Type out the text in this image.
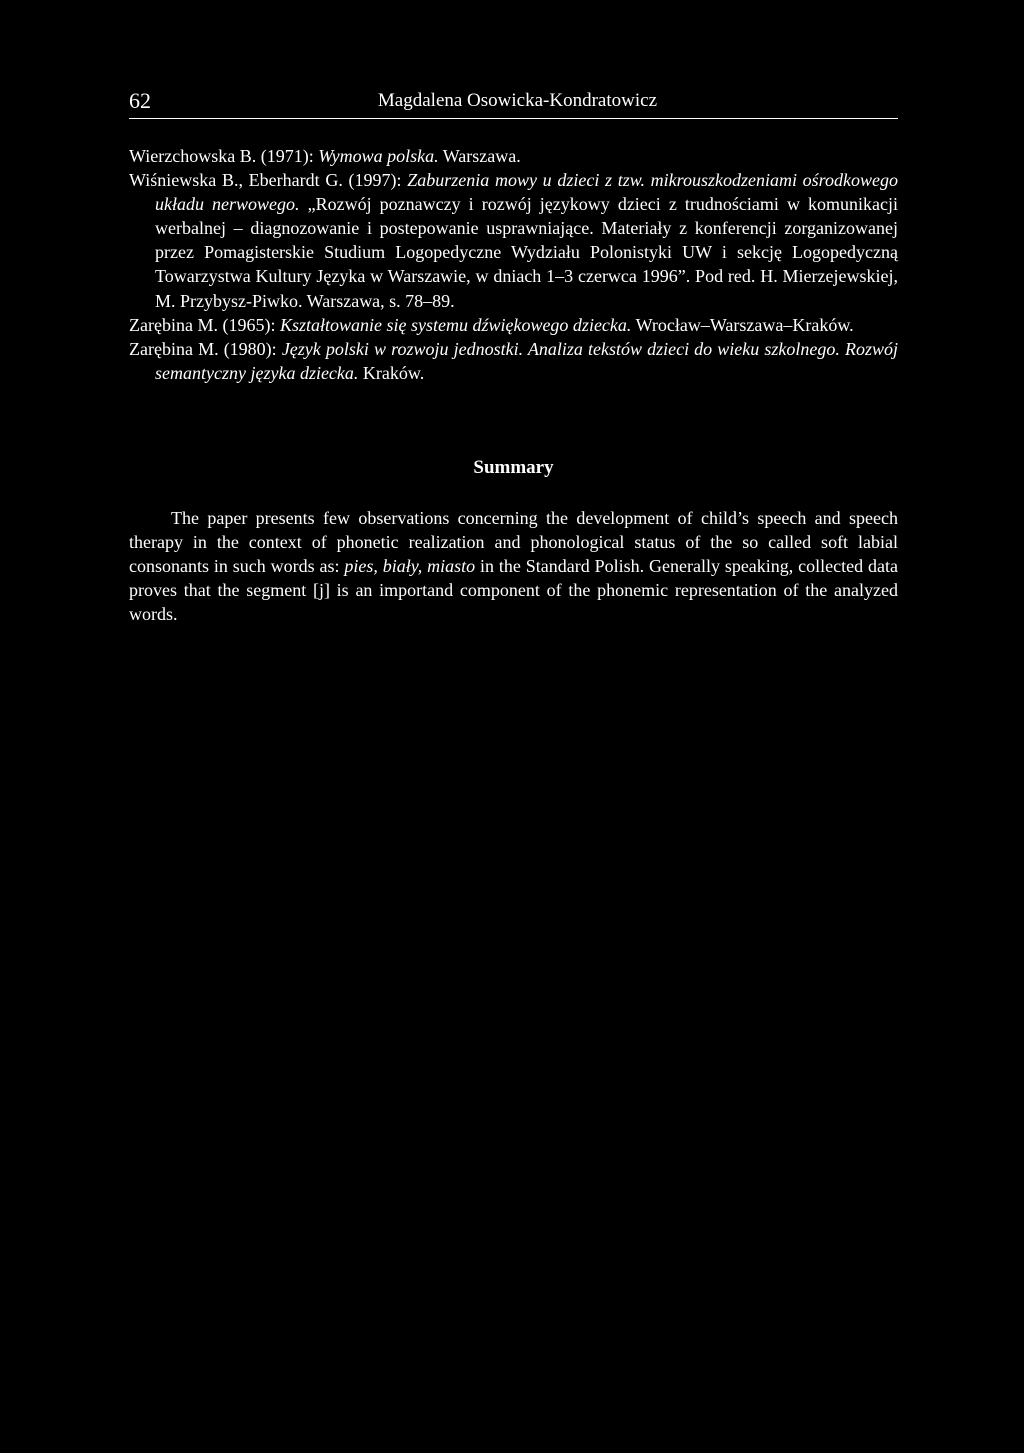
62	Magdalena Osowicka-Kondratowicz

Wierzchowska B. (1971): Wymowa polska. Warszawa.

Wiśniewska B., Eberhardt G. (1997): Zaburzenia mowy u dzieci z tzw. mikrouszkodzeniami ośrodkowego układu nerwowego. „Rozwój poznawczy i rozwój językowy dzieci z trudnościami w komunikacji werbalnej – diagnozowanie i postepowanie usprawniające. Materiały z konferencji zorganizowanej przez Pomagisterskie Studium Logopedyczne Wydziału Polonistyki UW i sekcję Logopedyczną Towarzystwa Kultury Języka w Warszawie, w dniach 1–3 czerwca 1996”. Pod red. H. Mierzejewskiej, M. Przybysz-Piwko. Warszawa, s. 78–89.

Zarębina M. (1965): Kształtowanie się systemu dźwiękowego dziecka. Wrocław–Warszawa–Kraków.

Zarębina M. (1980): Język polski w rozwoju jednostki. Analiza tekstów dzieci do wieku szkolnego. Rozwój semantyczny języka dziecka. Kraków.

Summary

The paper presents few observations concerning the development of child’s speech and speech therapy in the context of phonetic realization and phonological status of the so called soft labial consonants in such words as: pies, biały, miasto in the Standard Polish. Generally speaking, collected data proves that the segment [j] is an importand component of the phonemic representation of the analyzed words.
